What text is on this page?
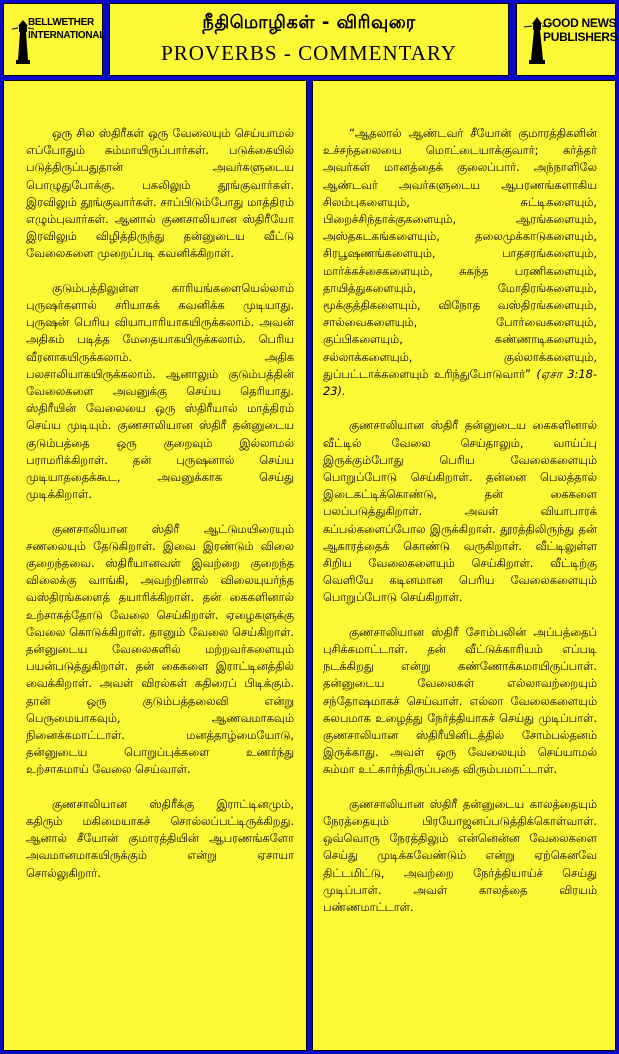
BELLWETHER
INTERNATIONAL
நீதிமொழிகள் - விரிவுரை
PROVERBS - COMMENTARY
GOOD NEWS
PUBLISHERS

ஒரு சில ஸ்திரீகள் ஒரு வேலையும் செய்யாமல் எப்போதும் சும்மாயிருப்பார்கள். படுக்கையில் படுத்திருப்பதுதான் அவர்களுடைய பொழுதுபோக்கு. பகலிலும் தூங்குவார்கள். இரவிலும் தூங்குவார்கள். சாப்பிடும்போது மாத்திரம் எழும்புவார்கள். ஆனால் குணசாலியான ஸ்திரீயோ இரவிலும் விழித்திருந்து தன்னுடைய வீட்டு வேலைகளை முறைப்படி கவனிக்கிறாள்.

குடும்பத்திலுள்ள காரியங்களையெல்லாம் புருஷர்களால் சரியாகக் கவனிக்க முடியாது. புருஷன் பெரிய வியாபாரியாகயிருக்கலாம். அவன் அதிகம் படித்த மேதையாகயிருக்கலாம். பெரிய வீரனாகயிருக்கலாம். அதிக பலசாலியாகயிருக்கலாம். ஆனாலும் குடும்பத்தின் வேலைகளை அவனுக்கு செய்ய தெரியாது. ஸ்திரீயின் வேலையை ஒரு ஸ்திரீயால் மாத்திரம் செய்ய முடியும். குணசாலியான ஸ்திரீ தன்னுடைய குடும்பத்தை ஒரு குறைவும் இல்லாமல் பராமரிக்கிறாள். தன் புருஷனால் செய்ய முடியாததைக்கூட, அவனுக்காக செய்து முடிக்கிறாள்.

குணசாலியான ஸ்திரீ ஆட்டுமயிரையும் சணலையும் தேடுகிறாள். இவை இரண்டும் விலை குறைந்தவை. ஸ்திரீயானவள் இவற்றை குறைந்த விலைக்கு வாங்கி, அவற்றினால் விலையுயர்ந்த வஸ்திரங்களைத் தயாரிக்கிறாள். தன் கைகளினால் உற்சாகத்தோடு வேலை செய்கிறாள். ஏழைகளுக்கு வேலை கொடுக்கிறாள். தானும் வேலை செய்கிறாள். தன்னுடைய வேலைகளில் மற்றவர்களையும் பயன்படுத்துகிறாள். தன் கைகளை இராட்டினத்தில் வைக்கிறாள். அவள் விரல்கள் கதிரைப் பிடிக்கும். தான் ஒரு குடும்பத்தலைவி என்று பெருமையாகவும், ஆணவமாகவும் நினைக்கமாட்டாள். மனத்தாழ்மையோடு, தன்னுடைய பொறுப்புக்களை உணர்ந்து உற்சாகமாய் வேலை செய்வாள்.

குணசாலியான ஸ்திரீக்கு இராட்டினமும், கதிரும் மகிமையாகச் சொல்லப்பட்டிருக்கிறது. ஆனால் சீயோன் குமாரத்தியின் ஆபரணங்களோ அவமானமாகயிருக்கும் என்று ஏசாயா சொல்லுகிறார்.

“ஆதலால் ஆண்டவர் சீயோன் குமாரத்திகளின் உச்சந்தலையை மொட்டையாக்குவார்; கர்த்தர் அவர்கள் மானத்தைக் குலைப்பார். அந்நாளிலே ஆண்டவர் அவர்களுடைய ஆபரணங்களாகிய சிலம்புகளையும், சுட்டிகளையும், பிறைச்சிந்தாக்குகளையும், ஆரங்களையும், அஸ்தகடகங்களையும், தலைமுக்காடுகளையும், சிரபூஷணங்களையும், பாதசரங்களையும், மார்க்கச்சைகளையும், சுகந்த பரணிகளையும், தாயித்துகளையும், மோதிரங்களையும், மூக்குத்திகளையும், விநோத வஸ்திரங்களையும், சால்வைகளையும், போர்வைகளையும், குப்பிகளையும், கண்ணாடிகளையும், சல்லாக்களையும், குல்லாக்களையும், துப்பட்டாக்களையும் உரிந்துபோடுவார்” (ஏசா 3:18-23).

குணசாலியான ஸ்திரீ தன்னுடைய கைகளினால் வீட்டில் வேலை செய்தாலும், வாய்ப்பு இருக்கும்போது பெரிய வேலைகளையும் பொறுப்போடு செய்கிறாள். தன்னை பெலத்தால் இடைகட்டிக்கொண்டு, தன் கைகளை பலப்படுத்துகிறாள். அவள் வியாபாரக் கப்பல்களைப்போல இருக்கிறாள். தூரத்திலிருந்து தன் ஆகாரத்தைக் கொண்டு வருகிறாள். வீட்டிலுள்ள சிறிய வேலைகளையும் செய்கிறாள். வீட்டிற்கு வெளியே கடினமான பெரிய வேலைகளையும் பொறுப்போடு செய்கிறாள்.

குணசாலியான ஸ்திரீ சோம்பலின் அப்பத்தைப் புசிக்கமாட்டாள். தன் வீட்டுக்காரியம் எப்படி நடக்கிறது என்று கண்ணோக்கமாயிருப்பாள். தன்னுடைய வேலைகள் எல்லாவற்றையும் சந்தோஷமாகச் செய்வாள். எல்லா வேலைகளையும் சுலபமாக உழைத்து நேர்த்தியாகச் செய்து முடிப்பாள். குணசாலியான ஸ்திரீயினிடத்தில் சோம்பல்தனம் இருக்காது. அவள் ஒரு வேலையும் செய்யாமல் சும்மா உட்கார்ந்திருப்பதை விரும்பமாட்டாள்.

குணசாலியான ஸ்திரீ தன்னுடைய காலத்தையும் நேரத்தையும் பிரயோஜனப்படுத்திக்கொள்வாள். ஒவ்வொரு நேரத்திலும் என்னென்ன வேலைகளை செய்து முடிக்கவேண்டும் என்று ஏற்கெனவே திட்டமிட்டு, அவற்றை நேர்த்தியாய்ச் செய்து முடிப்பாள். அவள் காலத்தை விரயம் பண்ணமாட்டாள்.
